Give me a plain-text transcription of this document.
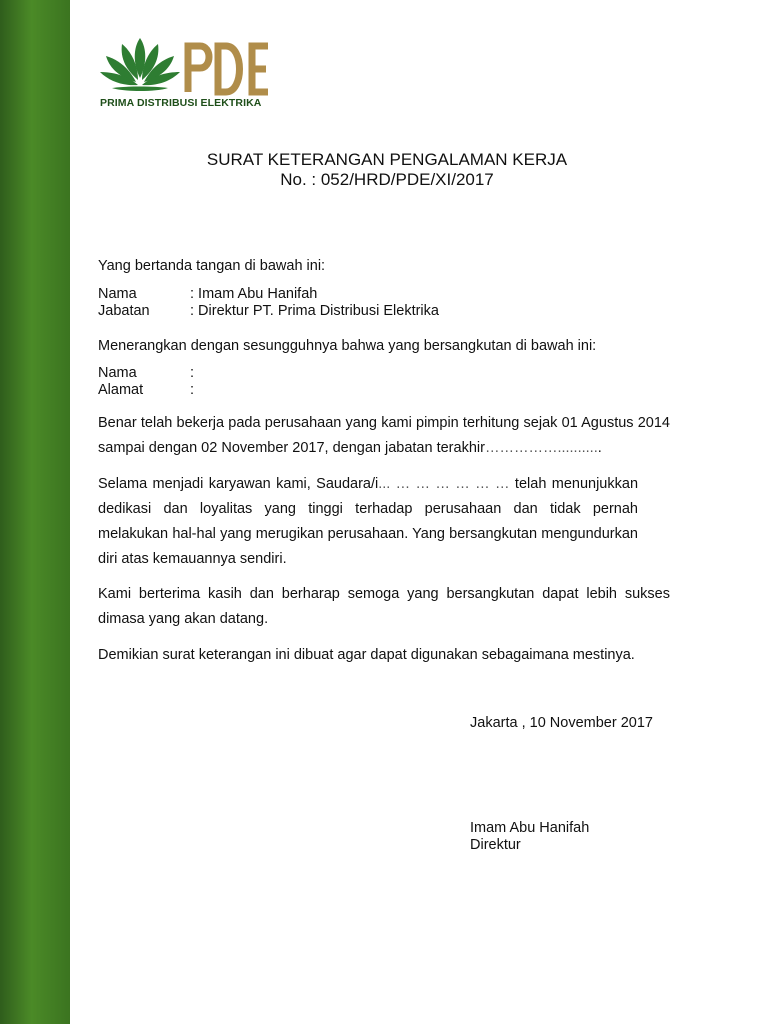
PRIMA DISTRIBUSI ELEKTRIKA
SURAT KETERANGAN PENGALAMAN KERJA
No. : 052/HRD/PDE/XI/2017
Yang bertanda tangan di bawah ini:
Nama	: Imam Abu Hanifah
Jabatan	: Direktur PT. Prima Distribusi Elektrika
Menerangkan dengan sesungguhnya bahwa yang bersangkutan di bawah ini:
Nama	:
Alamat	:
Benar telah bekerja pada perusahaan yang kami pimpin terhitung sejak 01 Agustus 2014 sampai dengan 02 November 2017, dengan jabatan terakhir……………...........
Selama menjadi karyawan kami, Saudara/i... … … … … … … telah menunjukkan dedikasi dan loyalitas yang tinggi terhadap perusahaan dan tidak pernah melakukan hal-hal yang merugikan perusahaan. Yang bersangkutan mengundurkan diri atas kemauannya sendiri.
Kami berterima kasih dan berharap semoga yang bersangkutan dapat lebih sukses dimasa yang akan datang.
Demikian surat keterangan ini dibuat agar dapat digunakan sebagaimana mestinya.
Jakarta , 10 November 2017
Imam Abu Hanifah
Direktur
